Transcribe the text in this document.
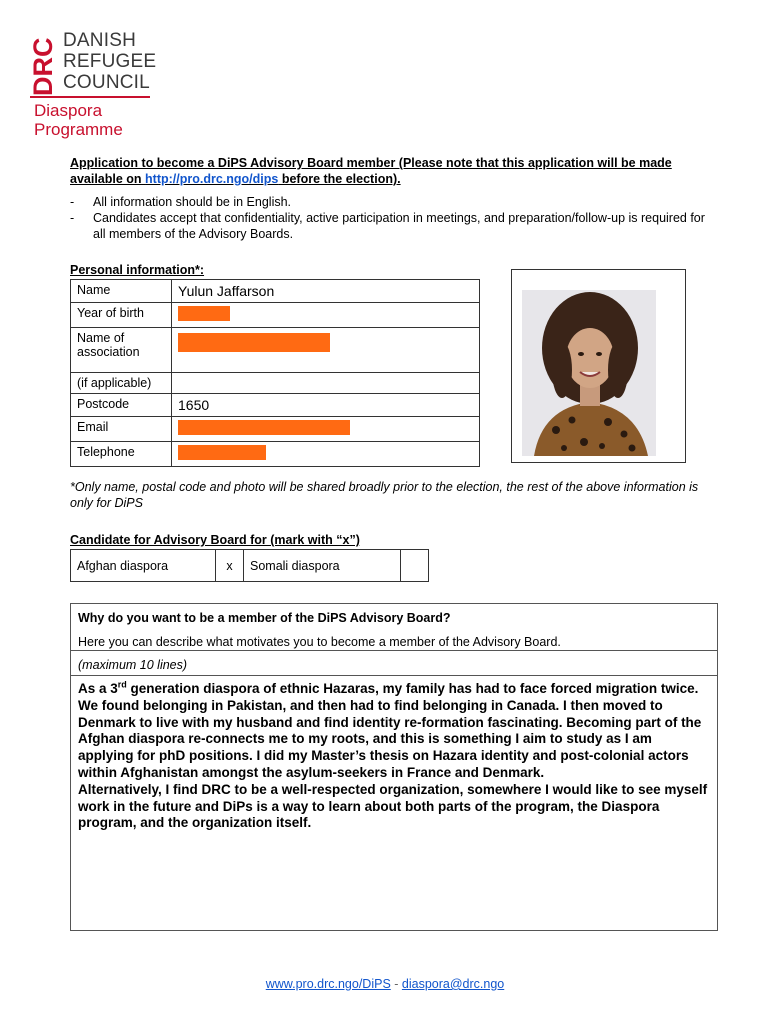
DRC DANISH
REFUGEE
COUNCIL
Diaspora
Programme
Application to become a DiPS Advisory Board member (Please note that this application will be made available on http://pro.drc.ngo/dips before the election).
-	All information should be in English.
-	Candidates accept that confidentiality, active participation in meetings, and preparation/follow-up is required for all members of the Advisory Boards.
Personal information*:
Name	Yulun Jaffarson
Year of birth	
Name of association	
(if applicable)	
Postcode	1650
Email	
Telephone	
*Only name, postal code and photo will be shared broadly prior to the election, the rest of the above information is only for DiPS
Candidate for Advisory Board for (mark with “x”)
Afghan diaspora	x	Somali diaspora	
Why do you want to be a member of the DiPS Advisory Board?
Here you can describe what motivates you to become a member of the Advisory Board.
(maximum 10 lines)

As a 3rd generation diaspora of ethnic Hazaras, my family has had to face forced migration twice. We found belonging in Pakistan, and then had to find belonging in Canada. I then moved to Denmark to live with my husband and find identity re-formation fascinating. Becoming part of the Afghan diaspora re-connects me to my roots, and this is something I aim to study as I am applying for phD positions. I did my Master’s thesis on Hazara identity and post-colonial actors within Afghanistan amongst the asylum-seekers in France and Denmark.

Alternatively, I find DRC to be a well-respected organization, somewhere I would like to see myself work in the future and DiPs is a way to learn about both parts of the program, the Diaspora program, and the organization itself.

www.pro.drc.ngo/DiPS - diaspora@drc.ngo
